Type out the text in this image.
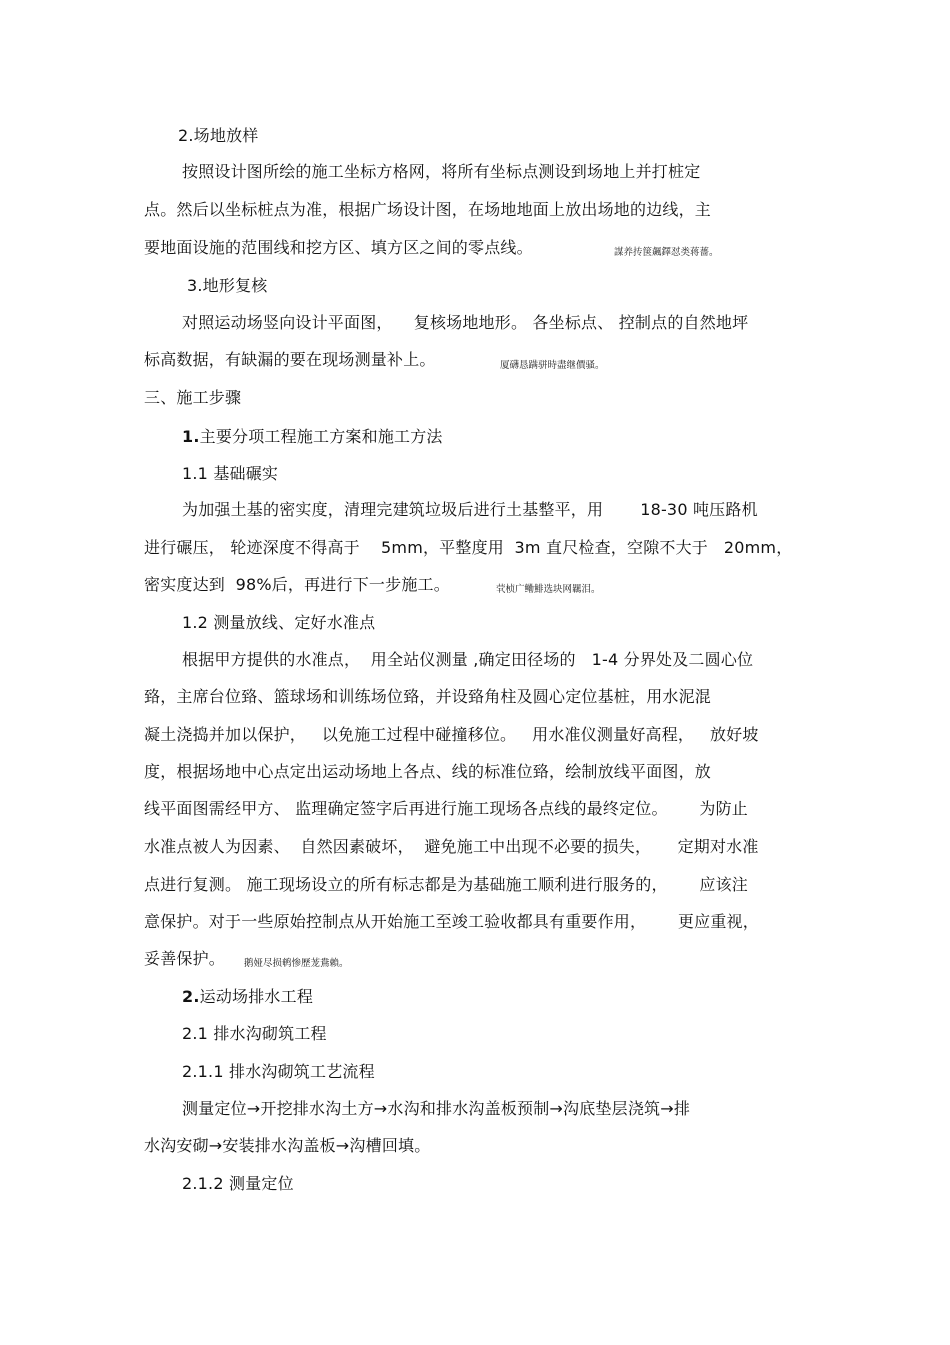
2.场地放样
按照设计图所绘的施工坐标方格网，将所有坐标点测设到场地上并打桩定
点。然后以坐标桩点为准，根据广场设计图，在场地地面上放出场地的边线，主
要地面设施的范围线和挖方区、填方区之间的零点线。	謀养抟箧飆鐸怼类蒋薔。
3.地形复核
对照运动场竖向设计平面图，    复核场地地形。 各坐标点、 控制点的自然地坪
标高数据，有缺漏的要在现场测量补上。	厦礴恳蹒骈時盡继價骚。
三、施工步骤
1.主要分项工程施工方案和施工方法
1.1 基础碾实
为加强土基的密实度，清理完建筑垃圾后进行土基整平，用       18-30 吨压路机
进行碾压， 轮迹深度不得高于    5mm，平整度用  3m 直尺检查，空隙不大于   20mm，
密实度达到  98%后，再进行下一步施工。	茕桢广鳓鯡选块网羈泪。
1.2 测量放线、定好水准点
根据甲方提供的水准点，  用全站仪测量 ,确定田径场的   1-4 分界处及二圆心位
臵，主席台位臵、篮球场和训练场位臵，并设臵角柱及圆心定位基桩，用水泥混
凝土浇捣并加以保护，   以免施工过程中碰撞移位。   用水准仪测量好高程，   放好坡
度，根据场地中心点定出运动场地上各点、线的标准位臵，绘制放线平面图，放
线平面图需经甲方、 监理确定签字后再进行施工现场各点线的最终定位。      为防止
水准点被人为因素、  自然因素破坏，  避免施工中出现不必要的损失，     定期对水准
点进行复测。 施工现场设立的所有标志都是为基础施工顺利进行服务的，      应该注
意保护。对于一些原始控制点从开始施工至竣工验收都具有重要作用，      更应重视，
妥善保护。 鹅娅尽损鹌惨歷茏鴦賴。
2.运动场排水工程
2.1 排水沟砌筑工程
2.1.1 排水沟砌筑工艺流程
测量定位→开挖排水沟土方→水沟和排水沟盖板预制→沟底垫层浇筑→排
水沟安砌→安装排水沟盖板→沟槽回填。
2.1.2 测量定位
